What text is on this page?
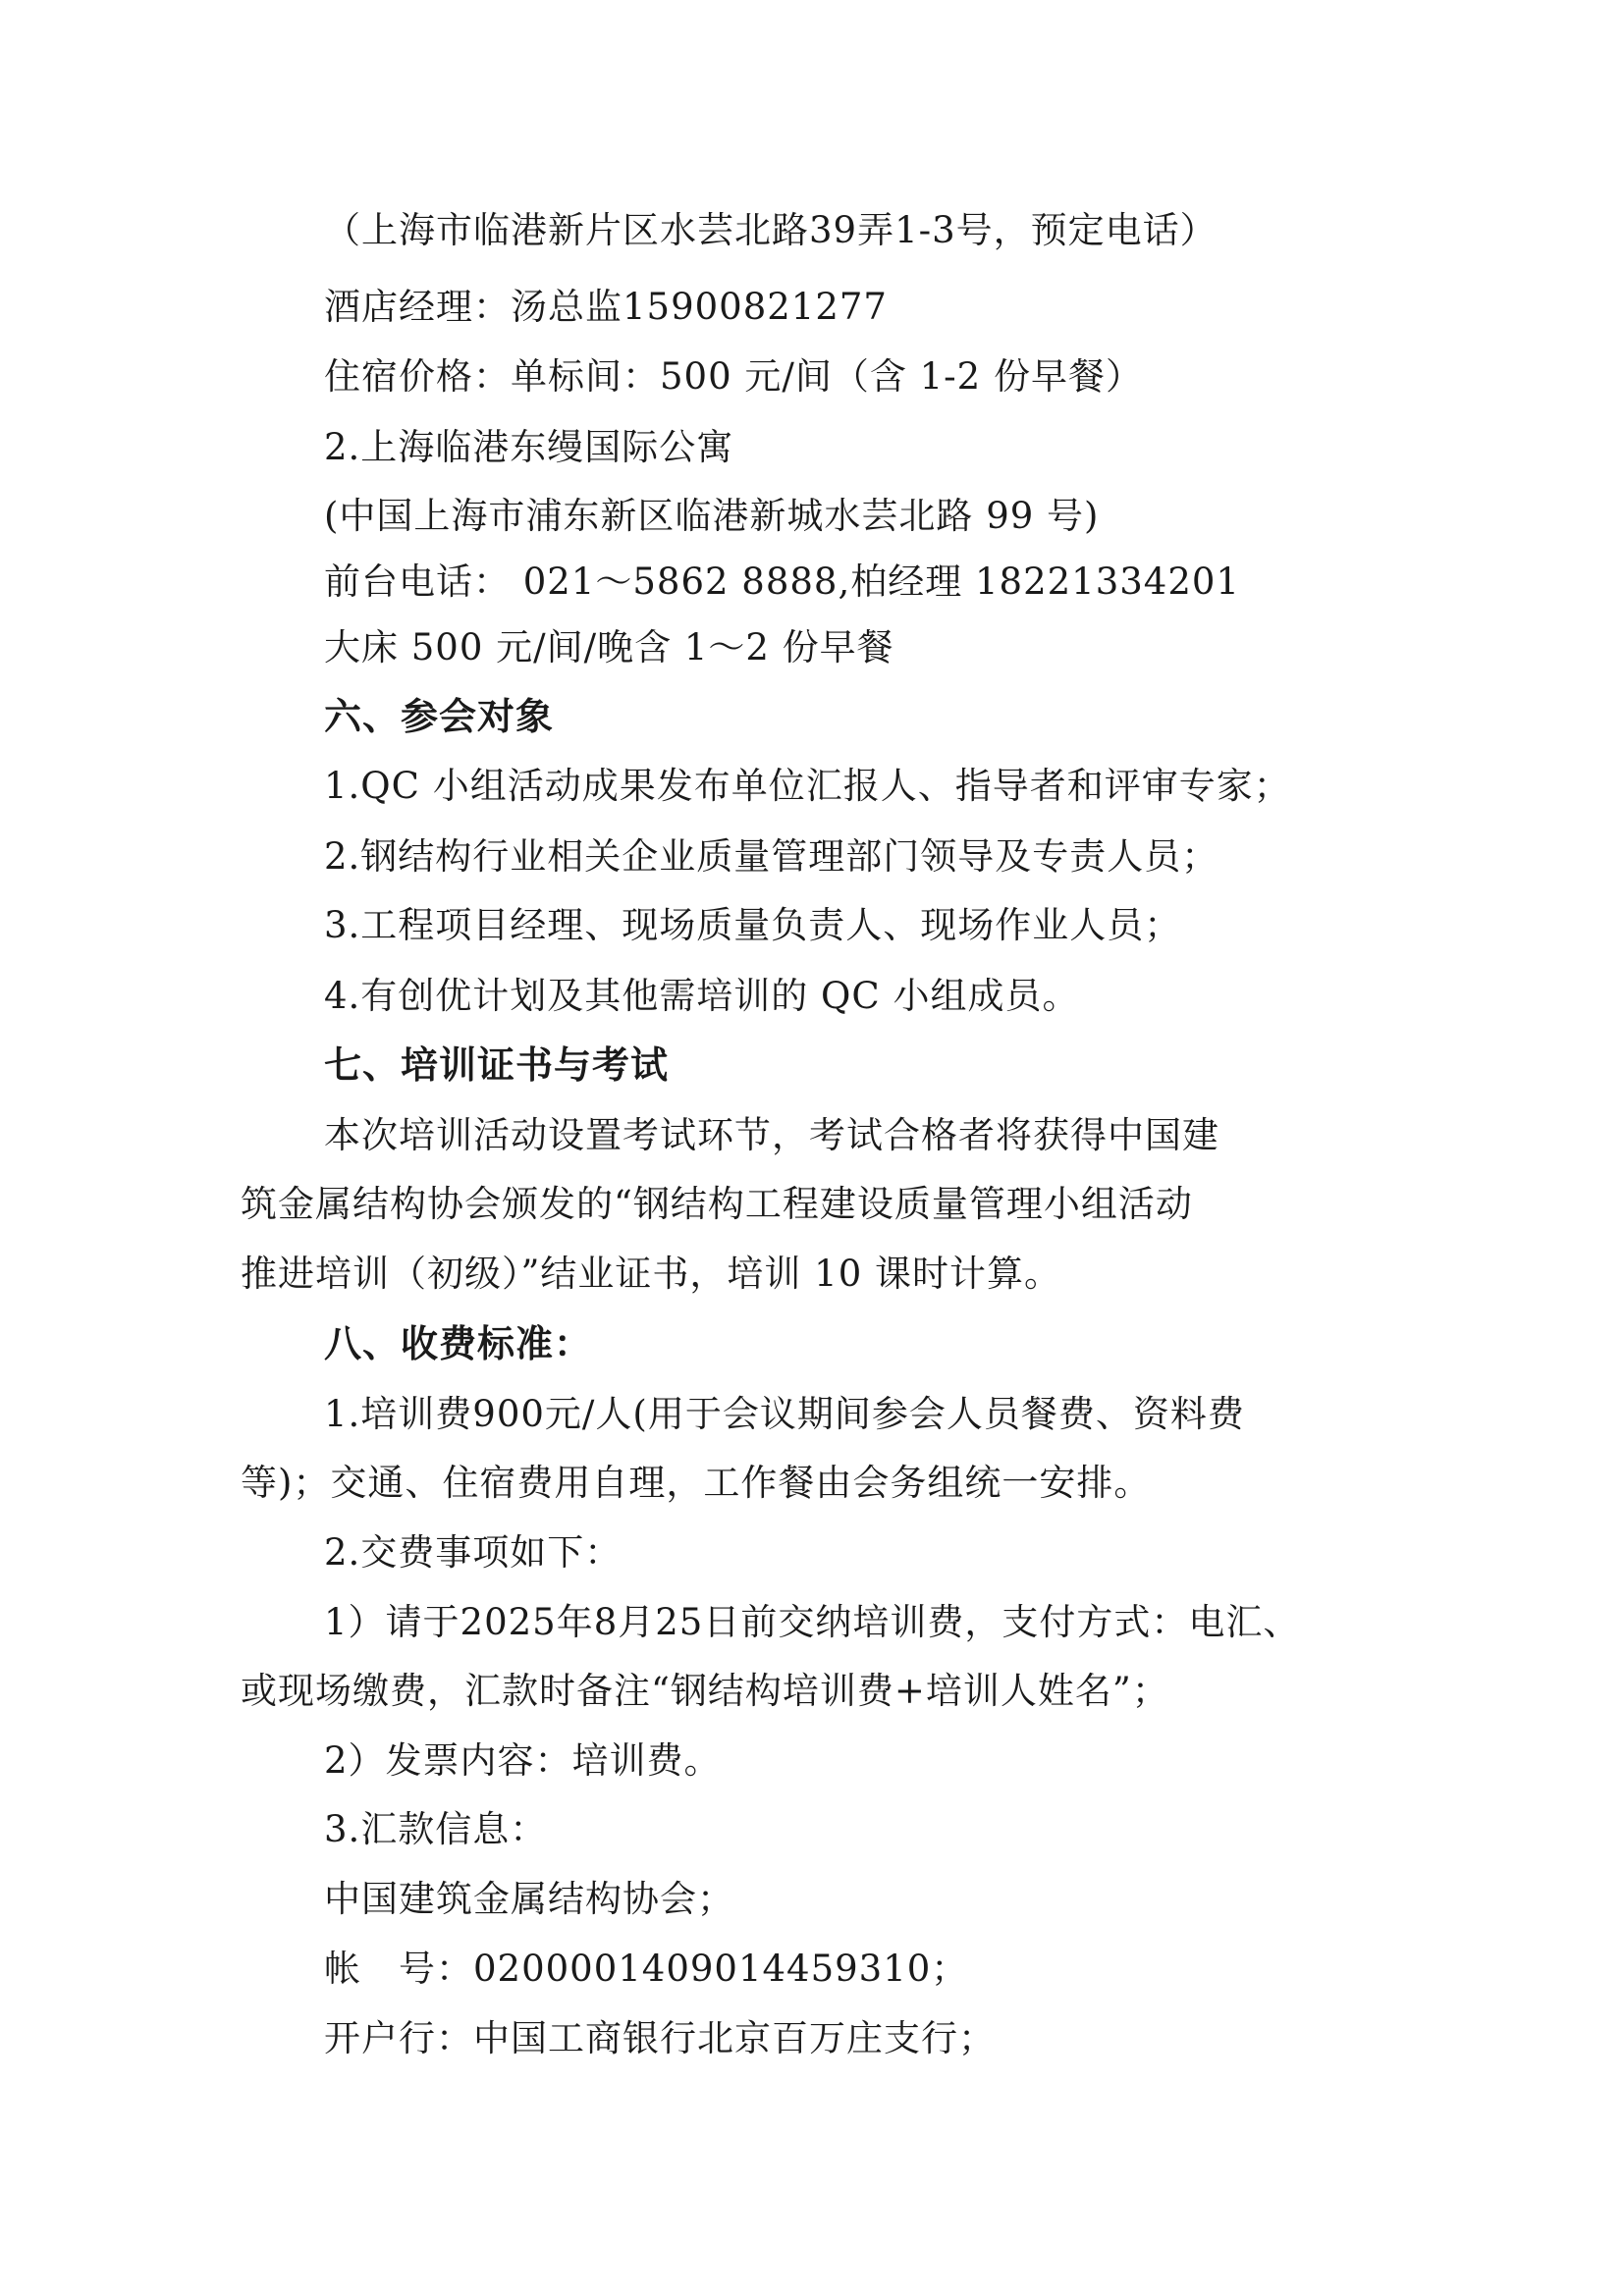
（上海市临港新片区水芸北路39弄1-3号，预定电话）
酒店经理：汤总监15900821277
住宿价格：单标间：500 元/间（含 1-2 份早餐）
2.上海临港东缦国际公寓
(中国上海市浦东新区临港新城水芸北路 99 号)
前台电话： 021～5862 8888,柏经理 18221334201
大床 500 元/间/晚含 1～2 份早餐
六、参会对象
1.QC 小组活动成果发布单位汇报人、指导者和评审专家；
2.钢结构行业相关企业质量管理部门领导及专责人员；
3.工程项目经理、现场质量负责人、现场作业人员；
4.有创优计划及其他需培训的 QC 小组成员。
七、培训证书与考试
本次培训活动设置考试环节，考试合格者将获得中国建
筑金属结构协会颁发的“钢结构工程建设质量管理小组活动
推进培训（初级）”结业证书，培训 10 课时计算。
八、收费标准：
1.培训费900元/人(用于会议期间参会人员餐费、资料费
等)；交通、住宿费用自理，工作餐由会务组统一安排。
2.交费事项如下：
1）请于2025年8月25日前交纳培训费，支付方式：电汇、
或现场缴费，汇款时备注“钢结构培训费+培训人姓名”；
2）发票内容：培训费。
3.汇款信息：
中国建筑金属结构协会；
帐　号：0200001409014459310；
开户行：中国工商银行北京百万庄支行；
